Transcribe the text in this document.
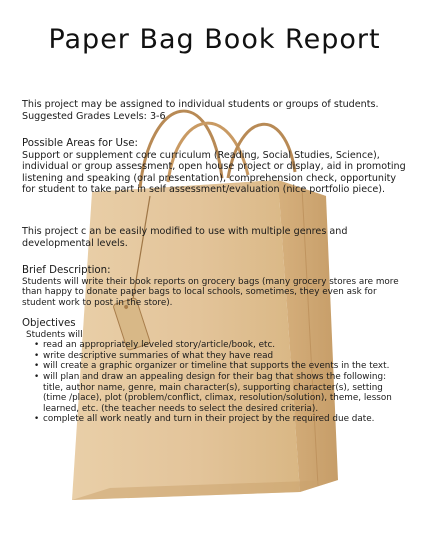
Paper Bag Book Report

This project may be assigned to individual students or groups of students. Suggested Grades Levels: 3-6

Possible Areas for Use:

Support or supplement core curriculum (Reading, Social Studies, Science), individual or group assessment, open house project or display, aid in promoting listening and speaking (oral presentation), comprehension check, opportunity for student to take part in self assessment/evaluation (nice portfolio piece).

This project c an be easily modified to use with multiple genres and developmental levels.

Brief Description:

Students will write their book reports on grocery bags (many grocery stores are more than happy to donate paper bags to local schools, sometimes, they even ask for student work to post in the store).

Objectives

Students will

• read an appropriately leveled story/article/book, etc.
• write descriptive summaries of what they have read
• will create a graphic organizer or timeline that supports the events in the text.
• will plan and draw an appealing design for their bag that shows the following: title, author name, genre, main character(s), supporting character(s), setting (time /place), plot (problem/conflict, climax, resolution/solution), theme, lesson learned, etc. (the teacher needs to select the desired criteria).
• complete all work neatly and turn in their project by the required due date.
